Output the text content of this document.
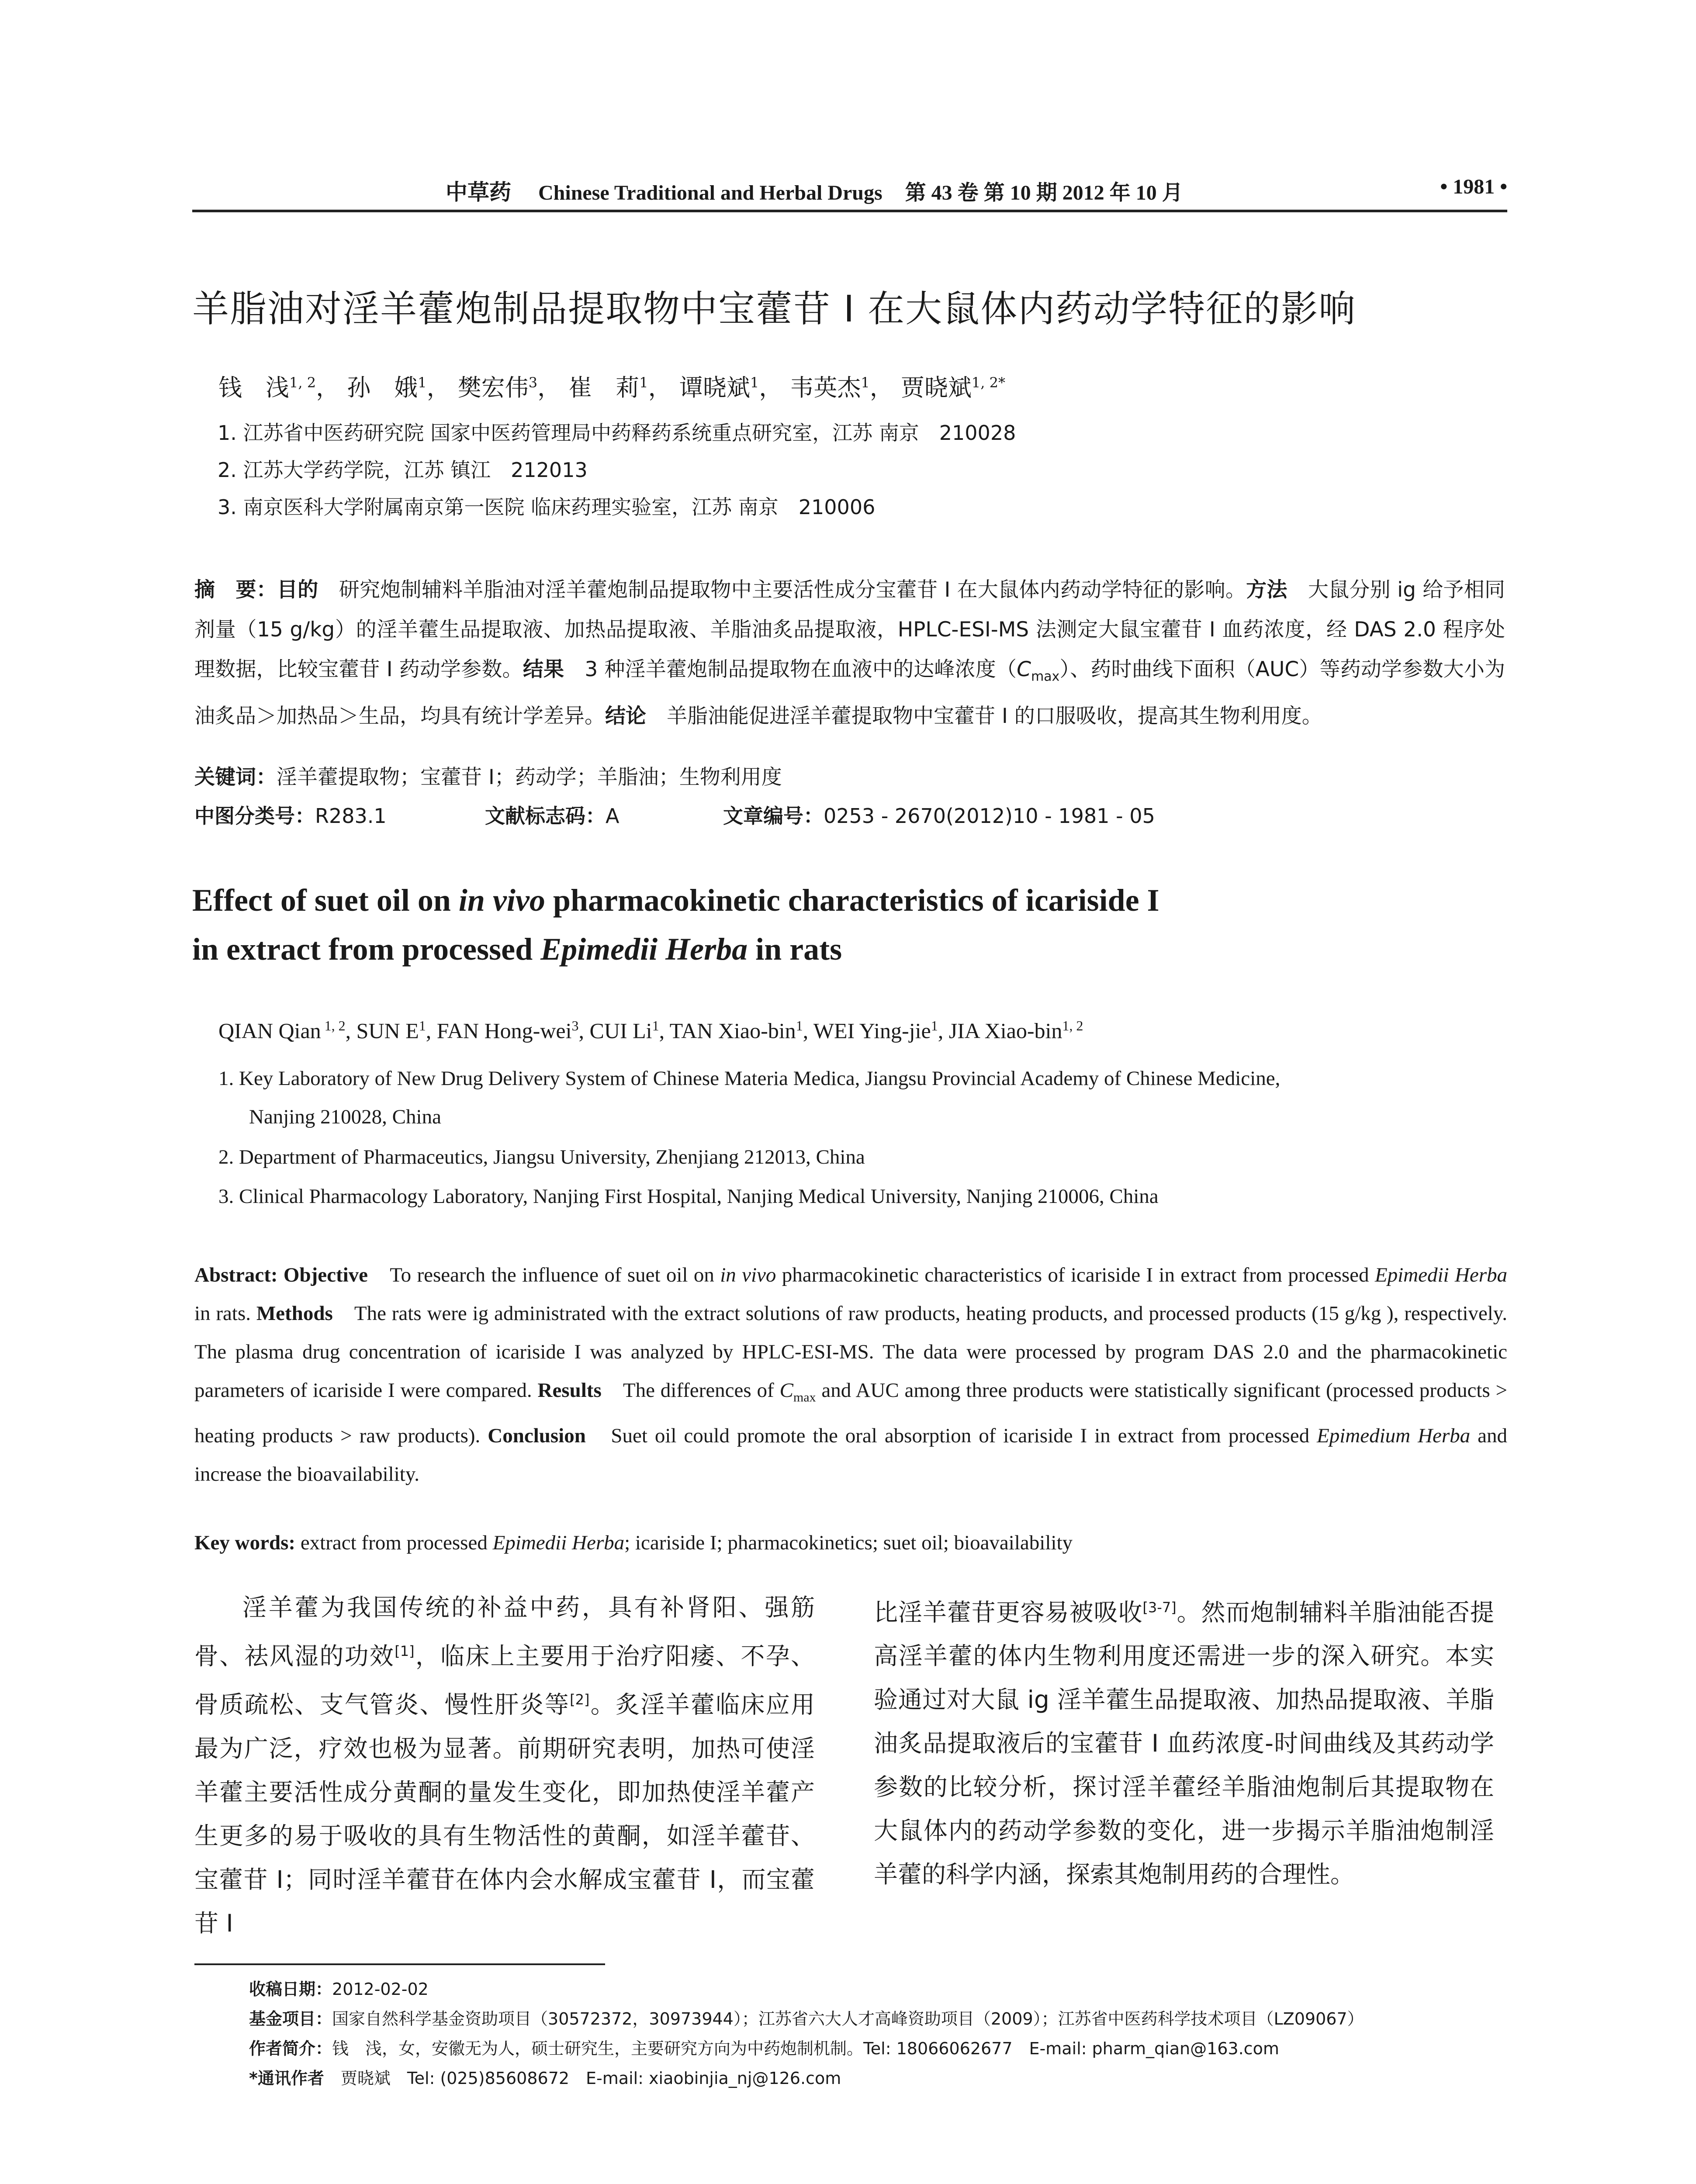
中草药 Chinese Traditional and Herbal Drugs 第 43 卷 第 10 期 2012 年 10 月	• 1981 •
羊脂油对淫羊藿炮制品提取物中宝藿苷 I 在大鼠体内药动学特征的影响
钱　浅$^{1, 2}$， 孙　娥$^1$， 樊宏伟$^3$， 崔　莉$^1$， 谭晓斌$^1$， 韦英杰$^1$， 贾晓斌$^{1, 2*}$
1. 江苏省中医药研究院 国家中医药管理局中药释药系统重点研究室，江苏 南京　210028
2. 江苏大学药学院，江苏 镇江　212013
3. 南京医科大学附属南京第一医院 临床药理实验室，江苏 南京　210006
摘　要：目的　研究炮制辅料羊脂油对淫羊藿炮制品提取物中主要活性成分宝藿苷 I 在大鼠体内药动学特征的影响。方法　大鼠分别 ig 给予相同剂量（15 g/kg）的淫羊藿生品提取液、加热品提取液、羊脂油炙品提取液，HPLC-ESI-MS 法测定大鼠宝藿苷 I 血药浓度，经 DAS 2.0 程序处理数据，比较宝藿苷 I 药动学参数。结果　3 种淫羊藿炮制品提取物在血液中的达峰浓度$(C_{max})$、药时曲线下面积（AUC）等药动学参数大小为油炙品＞加热品＞生品，均具有统计学差异。结论　羊脂油能促进淫羊藿提取物中宝藿苷 I 的口服吸收，提高其生物利用度。
关键词：淫羊藿提取物；宝藿苷 I；药动学；羊脂油；生物利用度
中图分类号：R283.1	文献标志码：A	文章编号：0253 - 2670(2012)10 - 1981 - 05
Effect of suet oil on in vivo pharmacokinetic characteristics of icariside I
in extract from processed Epimedii Herba in rats
QIAN Qian $^{1, 2}$, SUN $E^1$, FAN Hong-wei$^3$, CUI Li$^1$, TAN Xiao-bin$^1$, WEI Ying-jie$^1$, JIA Xiao-bin$^{1, 2}$
1. Key Laboratory of New Drug Delivery System of Chinese Materia Medica, Jiangsu Provincial Academy of Chinese Medicine,
Nanjing 210028, China
2. Department of Pharmaceutics, Jiangsu University, Zhenjiang 212013, China
3. Clinical Pharmacology Laboratory, Nanjing First Hospital, Nanjing Medical University, Nanjing 210006, China
Abstract: Objective　To research the influence of suet oil on in vivo pharmacokinetic characteristics of icariside I in extract from processed Epimedii Herba in rats. Methods　The rats were ig administrated with the extract solutions of raw products, heating products, and processed products (15 g/kg ), respectively. The plasma drug concentration of icariside I was analyzed by HPLC-ESI-MS. The data were processed by program DAS 2.0 and the pharmacokinetic parameters of icariside I were compared. Results　The differences of $C_{max}$ and AUC among three products were statistically significant (processed products > heating products > raw products). Conclusion　Suet oil could promote the oral absorption of icariside I in extract from processed Epimedium Herba and increase the bioavailability.
Key words: extract from processed Epimedii Herba; icariside I; pharmacokinetics; suet oil; bioavailability
淫羊藿为我国传统的补益中药，具有补肾阳、强筋骨、祛风湿的功效[1]，临床上主要用于治疗阳痿、不孕、骨质疏松、支气管炎、慢性肝炎等[2]。炙淫羊藿临床应用最为广泛，疗效也极为显著。前期研究表明，加热可使淫羊藿主要活性成分黄酮的量发生变化，即加热使淫羊藿产生更多的易于吸收的具有生物活性的黄酮，如淫羊藿苷、宝藿苷 I；同时淫羊藿苷在体内会水解成宝藿苷 I，而宝藿苷 I
比淫羊藿苷更容易被吸收[3-7]。然而炮制辅料羊脂油能否提高淫羊藿的体内生物利用度还需进一步的深入研究。本实验通过对大鼠 ig 淫羊藿生品提取液、加热品提取液、羊脂油炙品提取液后的宝藿苷 I 血药浓度-时间曲线及其药动学参数的比较分析，探讨淫羊藿经羊脂油炮制后其提取物在大鼠体内的药动学参数的变化，进一步揭示羊脂油炮制淫羊藿的科学内涵，探索其炮制用药的合理性。
收稿日期：2012-02-02
基金项目：国家自然科学基金资助项目（30572372，30973944）；江苏省六大人才高峰资助项目（2009）；江苏省中医药科学技术项目（LZ09067）
作者简介：钱　浅，女，安徽无为人，硕士研究生，主要研究方向为中药炮制机制。Tel: 18066062677　E-mail: pharm_qian@163.com
*通讯作者　贾晓斌　Tel: (025)85608672　E-mail: xiaobinjia_nj@126.com
